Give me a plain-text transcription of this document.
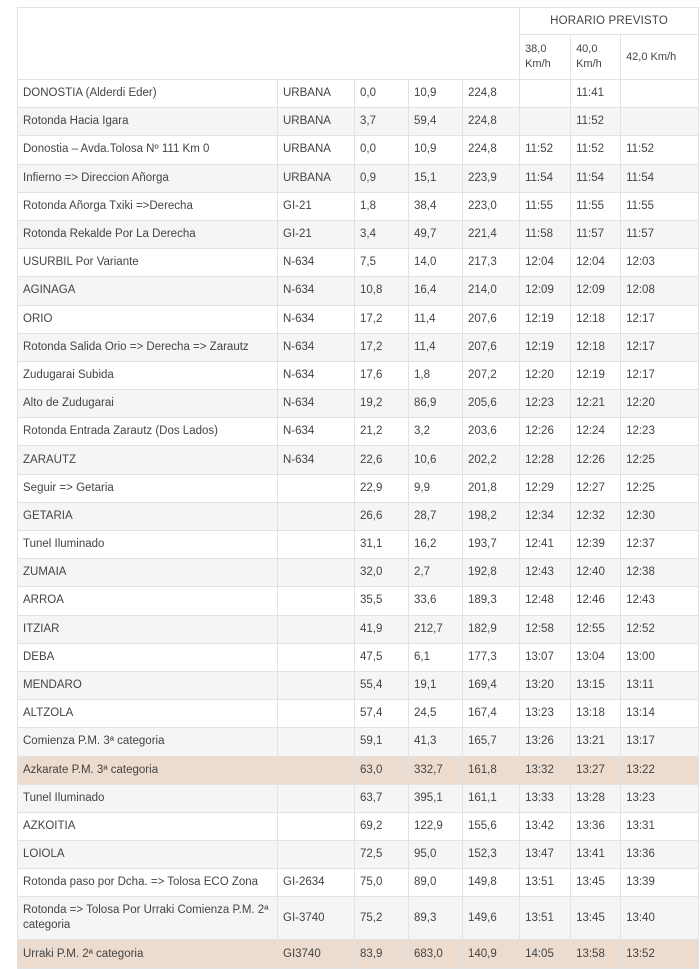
					HORARIO PREVISTO		
					38,0 Km/h	40,0 Km/h	42,0 Km/h
DONOSTIA (Alderdi Eder)	URBANA	0,0	10,9	224,8		11:41	
Rotonda Hacia Igara	URBANA	3,7	59,4	224,8		11:52	
Donostia – Avda.Tolosa Nº 111 Km 0	URBANA	0,0	10,9	224,8	11:52	11:52	11:52
Infierno => Direccion Añorga	URBANA	0,9	15,1	223,9	11:54	11:54	11:54
Rotonda Añorga Txiki =>Derecha	GI-21	1,8	38,4	223,0	11:55	11:55	11:55
Rotonda Rekalde Por La Derecha	GI-21	3,4	49,7	221,4	11:58	11:57	11:57
USURBIL Por Variante	N-634	7,5	14,0	217,3	12:04	12:04	12:03
AGINAGA	N-634	10,8	16,4	214,0	12:09	12:09	12:08
ORIO	N-634	17,2	11,4	207,6	12:19	12:18	12:17
Rotonda Salida Orio => Derecha => Zarautz	N-634	17,2	11,4	207,6	12:19	12:18	12:17
Zudugarai Subida	N-634	17,6	1,8	207,2	12:20	12:19	12:17
Alto de Zudugarai	N-634	19,2	86,9	205,6	12:23	12:21	12:20
Rotonda Entrada Zarautz (Dos Lados)	N-634	21,2	3,2	203,6	12:26	12:24	12:23
ZARAUTZ	N-634	22,6	10,6	202,2	12:28	12:26	12:25
Seguir => Getaria		22,9	9,9	201,8	12:29	12:27	12:25
GETARIA		26,6	28,7	198,2	12:34	12:32	12:30
Tunel Iluminado		31,1	16,2	193,7	12:41	12:39	12:37
ZUMAIA		32,0	2,7	192,8	12:43	12:40	12:38
ARROA		35,5	33,6	189,3	12:48	12:46	12:43
ITZIAR		41,9	212,7	182,9	12:58	12:55	12:52
DEBA		47,5	6,1	177,3	13:07	13:04	13:00
MENDARO		55,4	19,1	169,4	13:20	13:15	13:11
ALTZOLA		57,4	24,5	167,4	13:23	13:18	13:14
Comienza P.M. 3ª categoria		59,1	41,3	165,7	13:26	13:21	13:17
Azkarate P.M. 3ª categoria		63,0	332,7	161,8	13:32	13:27	13:22
Tunel Iluminado		63,7	395,1	161,1	13:33	13:28	13:23
AZKOITIA		69,2	122,9	155,6	13:42	13:36	13:31
LOIOLA		72,5	95,0	152,3	13:47	13:41	13:36
Rotonda paso por Dcha. => Tolosa ECO Zona	GI-2634	75,0	89,0	149,8	13:51	13:45	13:39
Rotonda => Tolosa Por Urraki Comienza P.M. 2ª categoria	GI-3740	75,2	89,3	149,6	13:51	13:45	13:40
Urraki P.M. 2ª categoria	GI3740	83,9	683,0	140,9	14:05	13:58	13:52
